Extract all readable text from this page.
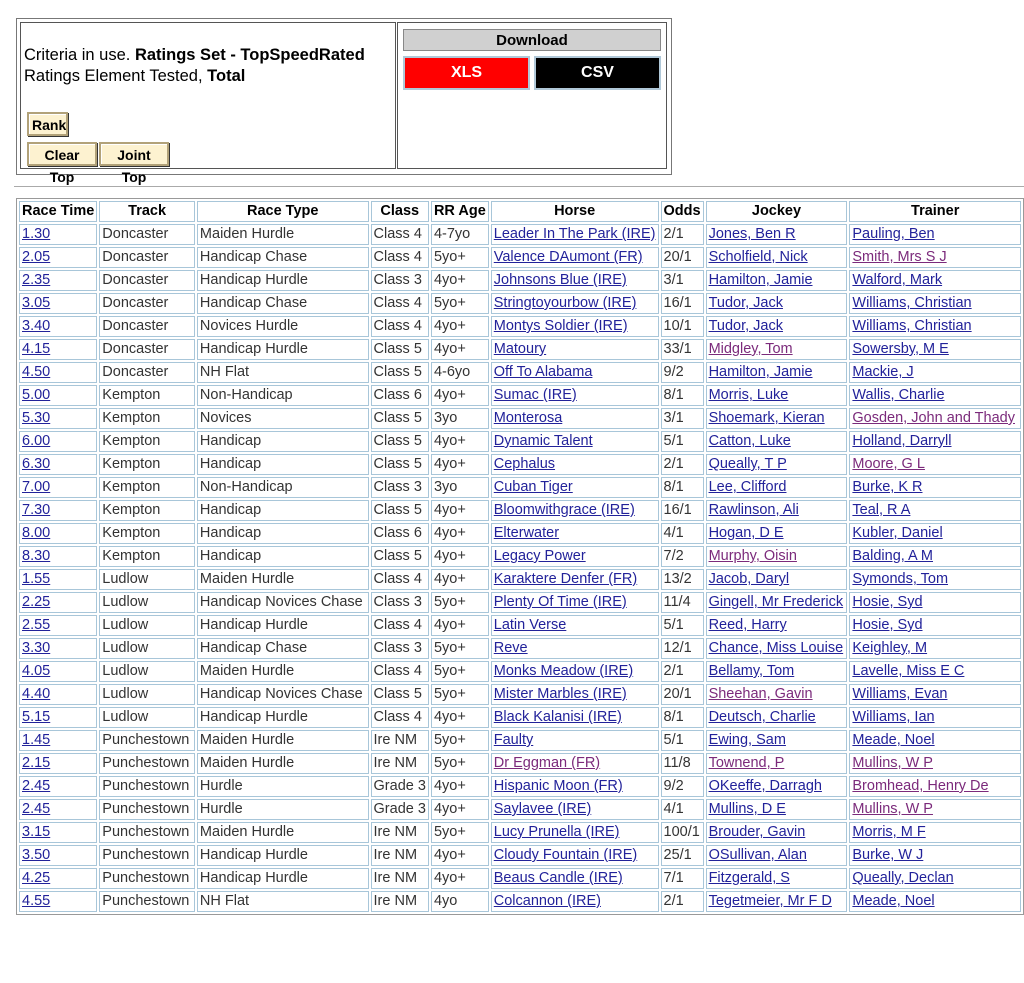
Criteria in use. Ratings Set - TopSpeedRated
Ratings Element Tested, Total
Rank
Clear Top
Joint Top
Download
XLS	CSV
Race Time	Track	Race Type	Class	RR Age	Horse	Odds	Jockey	Trainer
1.30	Doncaster	Maiden Hurdle	Class 4	4-7yo	Leader In The Park (IRE)	2/1	Jones, Ben R	Pauling, Ben
2.05	Doncaster	Handicap Chase	Class 4	5yo+	Valence DAumont (FR)	20/1	Scholfield, Nick	Smith, Mrs S J
2.35	Doncaster	Handicap Hurdle	Class 3	4yo+	Johnsons Blue (IRE)	3/1	Hamilton, Jamie	Walford, Mark
3.05	Doncaster	Handicap Chase	Class 4	5yo+	Stringtoyourbow (IRE)	16/1	Tudor, Jack	Williams, Christian
3.40	Doncaster	Novices Hurdle	Class 4	4yo+	Montys Soldier (IRE)	10/1	Tudor, Jack	Williams, Christian
4.15	Doncaster	Handicap Hurdle	Class 5	4yo+	Matoury	33/1	Midgley, Tom	Sowersby, M E
4.50	Doncaster	NH Flat	Class 5	4-6yo	Off To Alabama	9/2	Hamilton, Jamie	Mackie, J
5.00	Kempton	Non-Handicap	Class 6	4yo+	Sumac (IRE)	8/1	Morris, Luke	Wallis, Charlie
5.30	Kempton	Novices	Class 5	3yo	Monterosa	3/1	Shoemark, Kieran	Gosden, John and Thady
6.00	Kempton	Handicap	Class 5	4yo+	Dynamic Talent	5/1	Catton, Luke	Holland, Darryll
6.30	Kempton	Handicap	Class 5	4yo+	Cephalus	2/1	Queally, T P	Moore, G L
7.00	Kempton	Non-Handicap	Class 3	3yo	Cuban Tiger	8/1	Lee, Clifford	Burke, K R
7.30	Kempton	Handicap	Class 5	4yo+	Bloomwithgrace (IRE)	16/1	Rawlinson, Ali	Teal, R A
8.00	Kempton	Handicap	Class 6	4yo+	Elterwater	4/1	Hogan, D E	Kubler, Daniel
8.30	Kempton	Handicap	Class 5	4yo+	Legacy Power	7/2	Murphy, Oisin	Balding, A M
1.55	Ludlow	Maiden Hurdle	Class 4	4yo+	Karaktere Denfer (FR)	13/2	Jacob, Daryl	Symonds, Tom
2.25	Ludlow	Handicap Novices Chase	Class 3	5yo+	Plenty Of Time (IRE)	11/4	Gingell, Mr Frederick	Hosie, Syd
2.55	Ludlow	Handicap Hurdle	Class 4	4yo+	Latin Verse	5/1	Reed, Harry	Hosie, Syd
3.30	Ludlow	Handicap Chase	Class 3	5yo+	Reve	12/1	Chance, Miss Louise	Keighley, M
4.05	Ludlow	Maiden Hurdle	Class 4	5yo+	Monks Meadow (IRE)	2/1	Bellamy, Tom	Lavelle, Miss E C
4.40	Ludlow	Handicap Novices Chase	Class 5	5yo+	Mister Marbles (IRE)	20/1	Sheehan, Gavin	Williams, Evan
5.15	Ludlow	Handicap Hurdle	Class 4	4yo+	Black Kalanisi (IRE)	8/1	Deutsch, Charlie	Williams, Ian
1.45	Punchestown	Maiden Hurdle	Ire NM	5yo+	Faulty	5/1	Ewing, Sam	Meade, Noel
2.15	Punchestown	Maiden Hurdle	Ire NM	5yo+	Dr Eggman (FR)	11/8	Townend, P	Mullins, W P
2.45	Punchestown	Hurdle	Grade 3	4yo+	Hispanic Moon (FR)	9/2	OKeeffe, Darragh	Bromhead, Henry De
2.45	Punchestown	Hurdle	Grade 3	4yo+	Saylavee (IRE)	4/1	Mullins, D E	Mullins, W P
3.15	Punchestown	Maiden Hurdle	Ire NM	5yo+	Lucy Prunella (IRE)	100/1	Brouder, Gavin	Morris, M F
3.50	Punchestown	Handicap Hurdle	Ire NM	4yo+	Cloudy Fountain (IRE)	25/1	OSullivan, Alan	Burke, W J
4.25	Punchestown	Handicap Hurdle	Ire NM	4yo+	Beaus Candle (IRE)	7/1	Fitzgerald, S	Queally, Declan
4.55	Punchestown	NH Flat	Ire NM	4yo	Colcannon (IRE)	2/1	Tegetmeier, Mr F D	Meade, Noel
